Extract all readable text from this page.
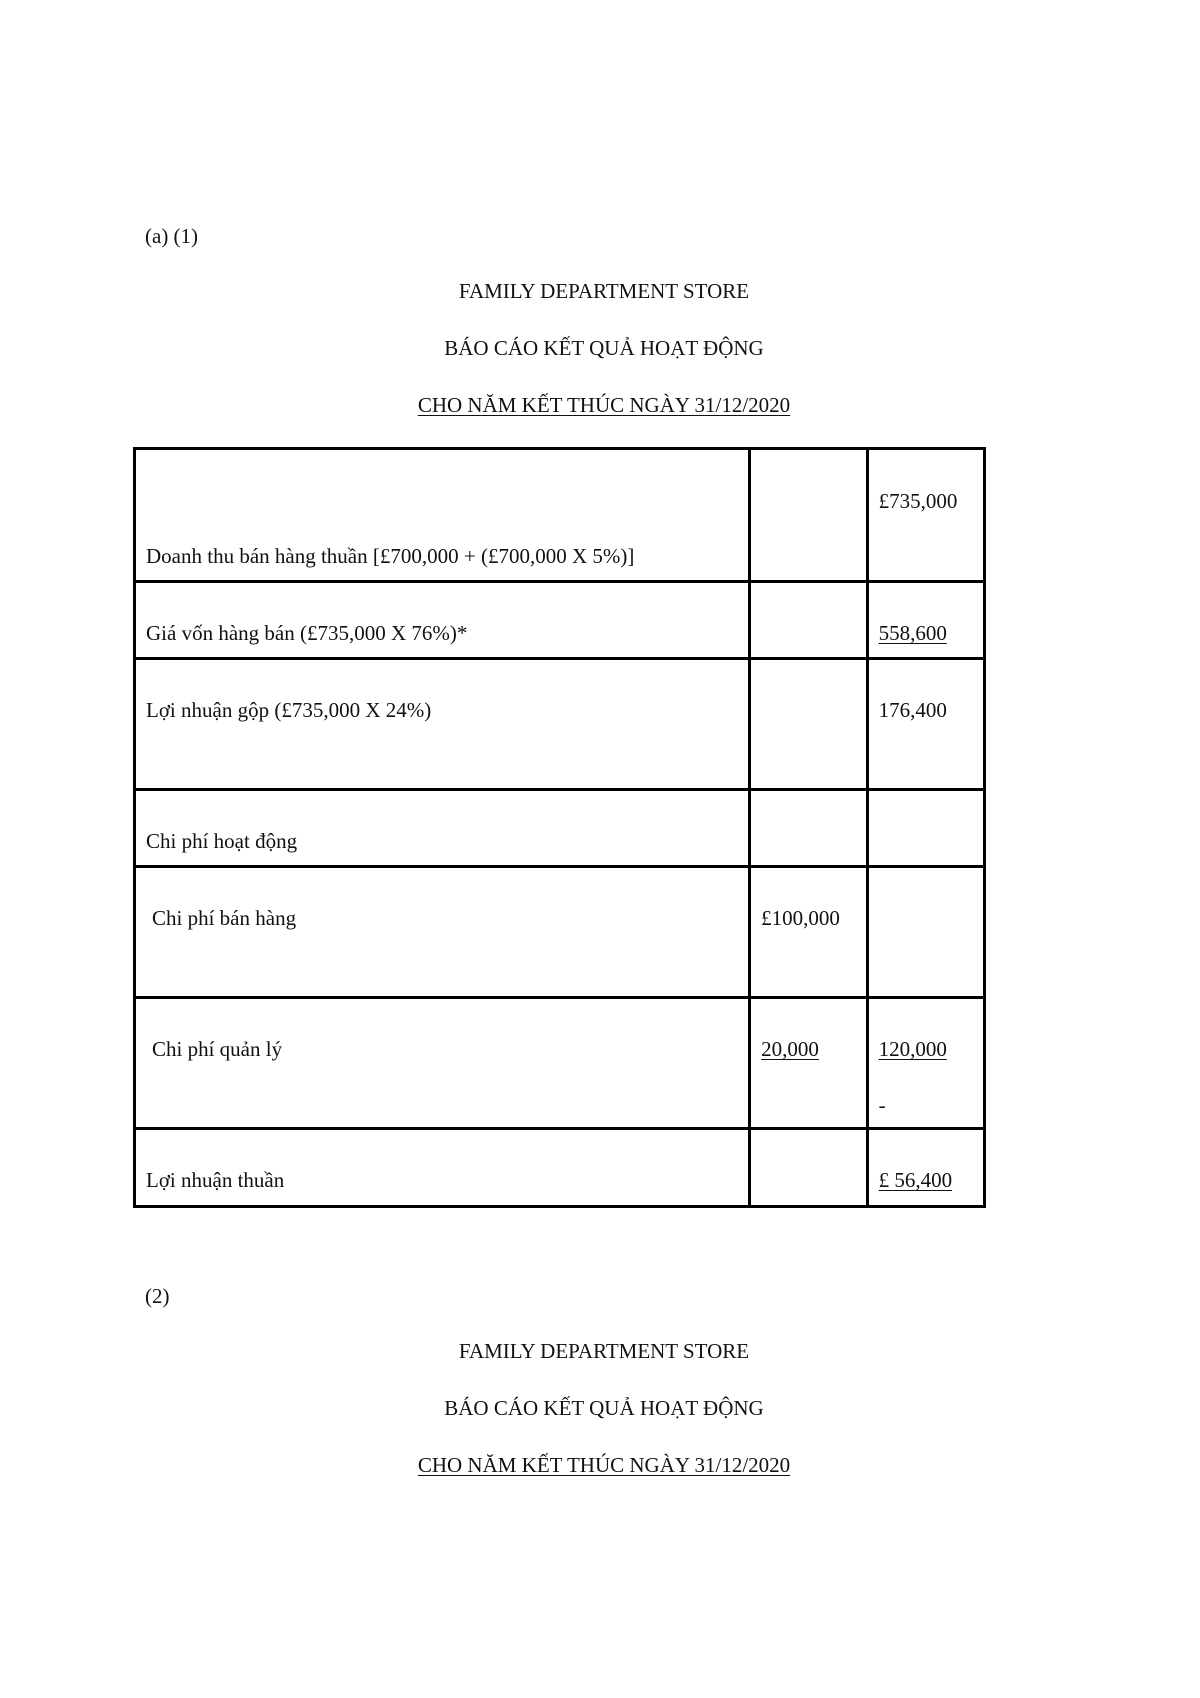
(a) (1)
FAMILY DEPARTMENT STORE
BÁO CÁO KẾT QUẢ HOẠT ĐỘNG
CHO NĂM KẾT THÚC NGÀY 31/12/2020
Doanh thu bán hàng thuần [£700,000 + (£700,000 X 5%)]		£735,000

Giá vốn hàng bán (£735,000 X 76%)*		558,600

Lợi nhuận gộp (£735,000 X 24%)		176,400

Chi phí hoạt động		

Chi phí bán hàng	£100,000	

Chi phí quản lý	20,000	120,000
-

Lợi nhuận thuần		£ 56,400
(2)
FAMILY DEPARTMENT STORE
BÁO CÁO KẾT QUẢ HOẠT ĐỘNG
CHO NĂM KẾT THÚC NGÀY 31/12/2020
